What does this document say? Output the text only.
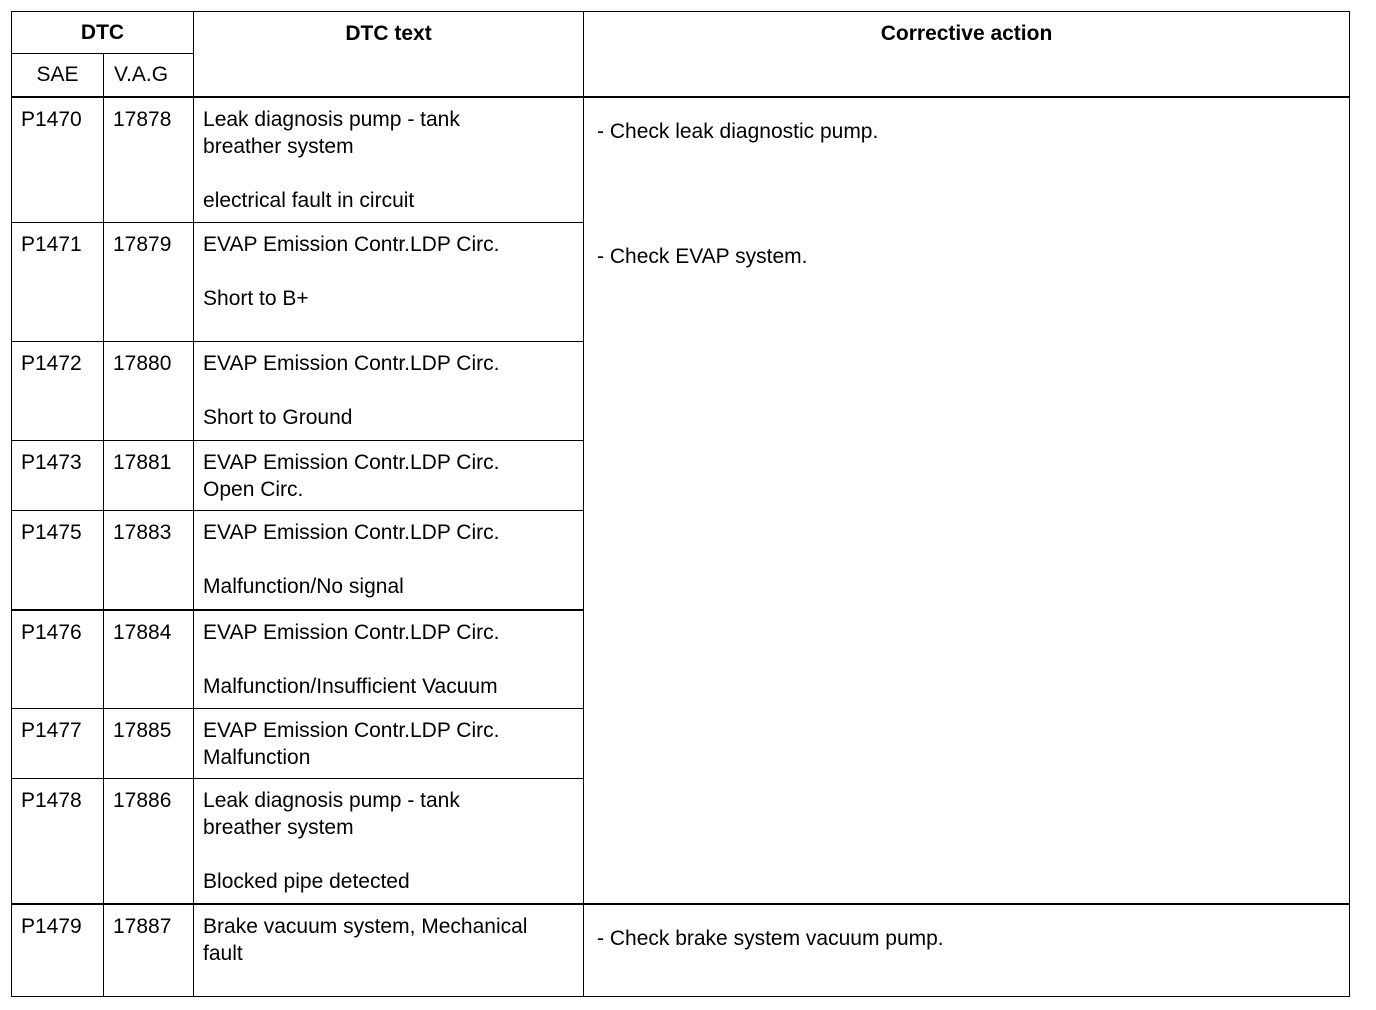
DTC		DTC text	Corrective action
SAE	V.A.G		
P1470	17878	Leak diagnosis pump - tank
breather system
electrical fault in circuit	- Check leak diagnostic pump.
- Check EVAP system.

P1471	17879	EVAP Emission Contr.LDP Circ.
Short to B+	

P1472	17880	EVAP Emission Contr.LDP Circ.
Short to Ground	

P1473	17881	EVAP Emission Contr.LDP Circ.
Open Circ.	

P1475	17883	EVAP Emission Contr.LDP Circ.
Malfunction/No signal	

P1476	17884	EVAP Emission Contr.LDP Circ.
Malfunction/Insufficient Vacuum	

P1477	17885	EVAP Emission Contr.LDP Circ.
Malfunction	

P1478	17886	Leak diagnosis pump - tank
breather system
Blocked pipe detected	

P1479	17887	Brake vacuum system, Mechanical
fault	- Check brake system vacuum pump.
